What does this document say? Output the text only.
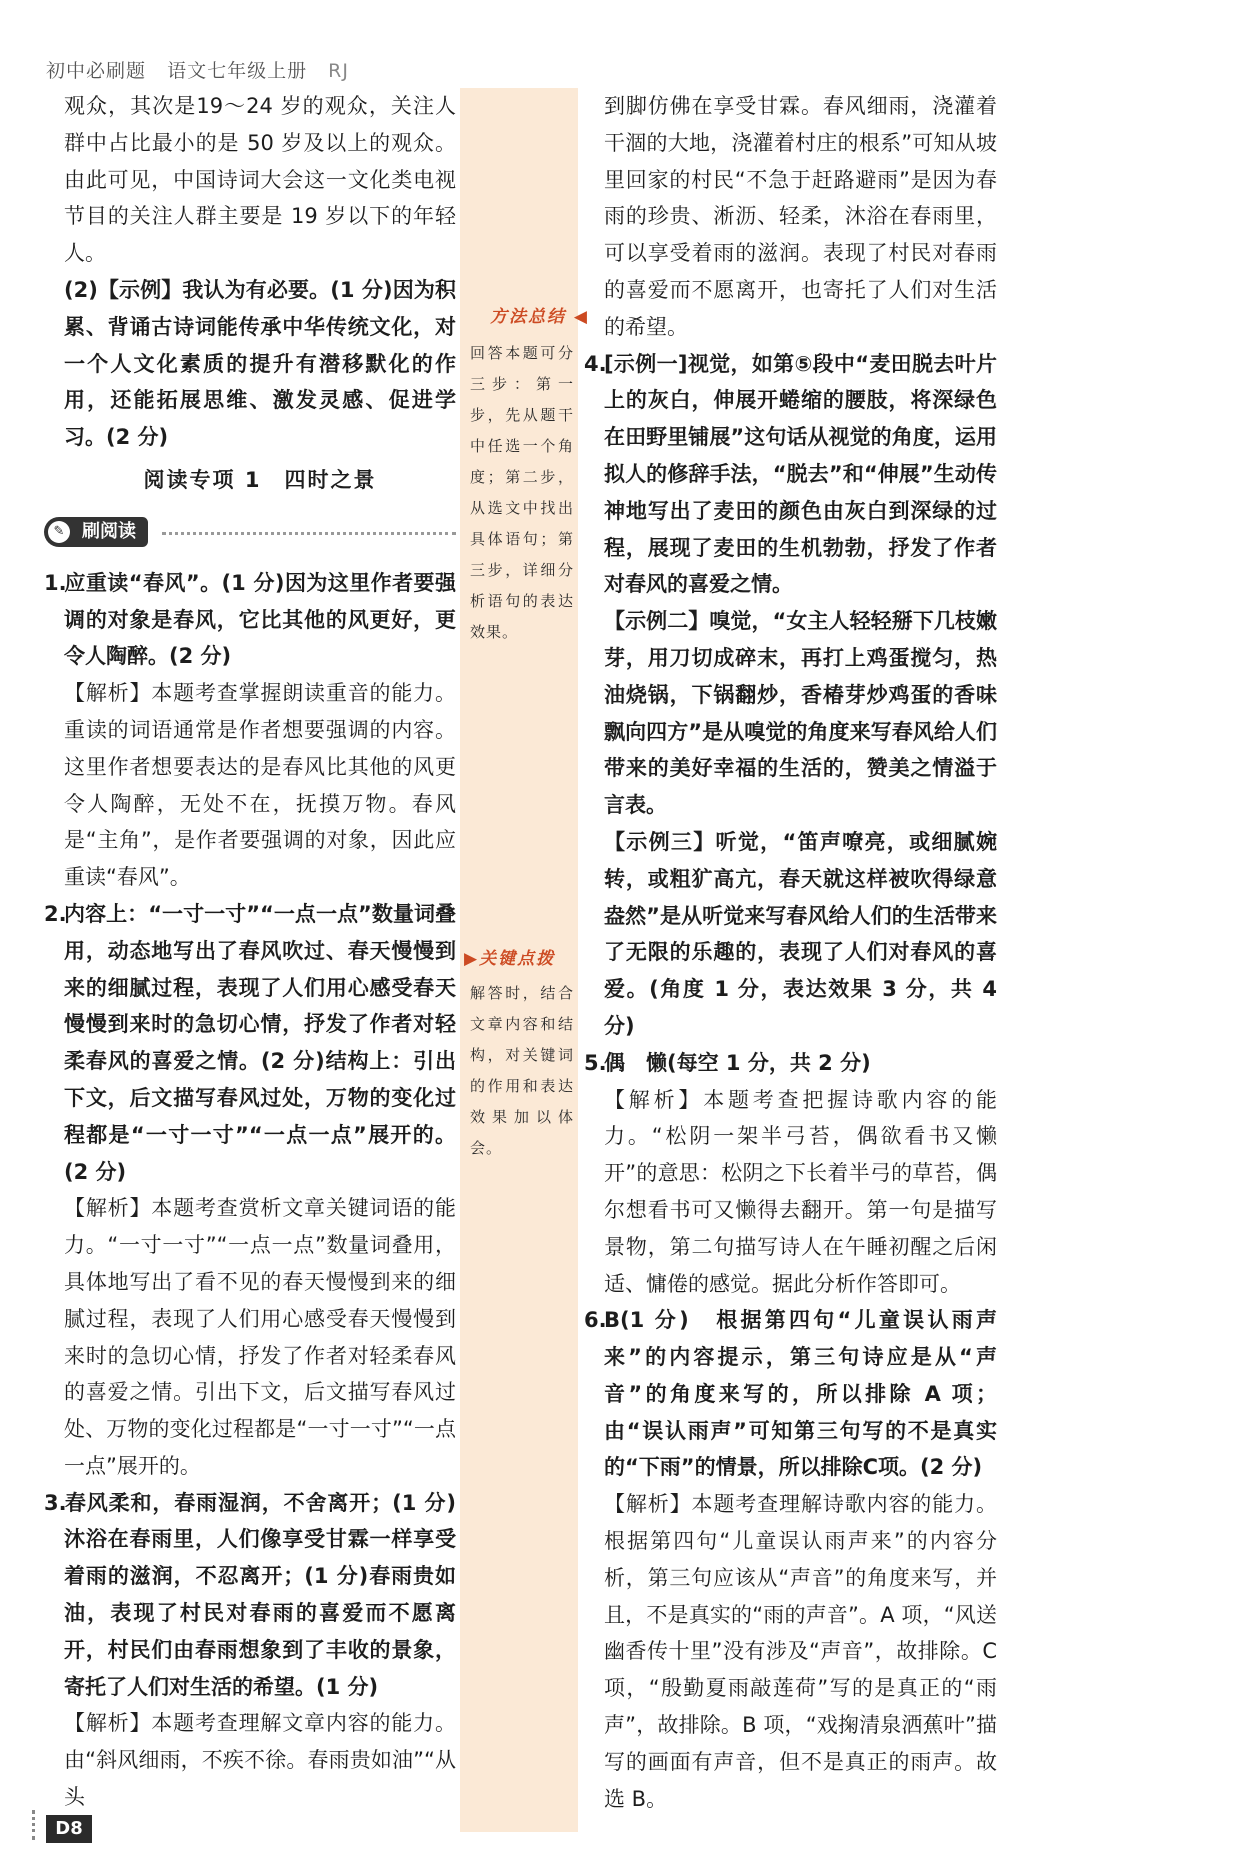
初中必刷题 语文七年级上册 RJ
方法总结 ◀
回答本题可分三步：第一步，先从题干中任选一个角度；第二步，从选文中找出具体语句；第三步，详细分析语句的表达效果。
▶关键点拨
解答时，结合文章内容和结构，对关键词的作用和表达效果加以体会。

观众，其次是19～24 岁的观众，关注人群中占比最小的是 50 岁及以上的观众。由此可见，中国诗词大会这一文化类电视节目的关注人群主要是 19 岁以下的年轻人。

(2)【示例】我认为有必要。(1 分)因为积累、背诵古诗词能传承中华传统文化，对一个人文化素质的提升有潜移默化的作用，还能拓展思维、激发灵感、促进学习。(2 分)

阅读专项 1　四时之景

✎ 刷阅读

1.应重读“春风”。(1 分)因为这里作者要强调的对象是春风，它比其他的风更好，更令人陶醉。(2 分)

【解析】本题考查掌握朗读重音的能力。重读的词语通常是作者想要强调的内容。这里作者想要表达的是春风比其他的风更令人陶醉，无处不在，抚摸万物。春风是“主角”，是作者要强调的对象，因此应重读“春风”。

2.内容上：“一寸一寸”“一点一点”数量词叠用，动态地写出了春风吹过、春天慢慢到来的细腻过程，表现了人们用心感受春天慢慢到来时的急切心情，抒发了作者对轻柔春风的喜爱之情。(2 分)结构上：引出下文，后文描写春风过处，万物的变化过程都是“一寸一寸”“一点一点”展开的。(2 分)

【解析】本题考查赏析文章关键词语的能力。“一寸一寸”“一点一点”数量词叠用，具体地写出了看不见的春天慢慢到来的细腻过程，表现了人们用心感受春天慢慢到来时的急切心情，抒发了作者对轻柔春风的喜爱之情。引出下文，后文描写春风过处、万物的变化过程都是“一寸一寸”“一点一点”展开的。

3.春风柔和，春雨湿润，不舍离开；(1 分)沐浴在春雨里，人们像享受甘霖一样享受着雨的滋润，不忍离开；(1 分)春雨贵如油，表现了村民对春雨的喜爱而不愿离开，村民们由春雨想象到了丰收的景象，寄托了人们对生活的希望。(1 分)

【解析】本题考查理解文章内容的能力。由“斜风细雨，不疾不徐。春雨贵如油”“从头

到脚仿佛在享受甘霖。春风细雨，浇灌着干涸的大地，浇灌着村庄的根系”可知从坡里回家的村民“不急于赶路避雨”是因为春雨的珍贵、淅沥、轻柔，沐浴在春雨里，可以享受着雨的滋润。表现了村民对春雨的喜爱而不愿离开，也寄托了人们对生活的希望。

4.[示例一]视觉，如第⑤段中“麦田脱去叶片上的灰白，伸展开蜷缩的腰肢，将深绿色在田野里铺展”这句话从视觉的角度，运用拟人的修辞手法，“脱去”和“伸展”生动传神地写出了麦田的颜色由灰白到深绿的过程，展现了麦田的生机勃勃，抒发了作者对春风的喜爱之情。

【示例二】嗅觉，“女主人轻轻掰下几枝嫩芽，用刀切成碎末，再打上鸡蛋搅匀，热油烧锅，下锅翻炒，香椿芽炒鸡蛋的香味飘向四方”是从嗅觉的角度来写春风给人们带来的美好幸福的生活的，赞美之情溢于言表。

【示例三】听觉，“笛声嘹亮，或细腻婉转，或粗犷高亢，春天就这样被吹得绿意盎然”是从听觉来写春风给人们的生活带来了无限的乐趣的，表现了人们对春风的喜爱。(角度 1 分，表达效果 3 分，共 4 分)

5.偶　懒(每空 1 分，共 2 分)

【解析】本题考查把握诗歌内容的能力。“松阴一架半弓苔，偶欲看书又懒开”的意思：松阴之下长着半弓的草苔，偶尔想看书可又懒得去翻开。第一句是描写景物，第二句描写诗人在午睡初醒之后闲适、慵倦的感觉。据此分析作答即可。

6.B(1 分)　根据第四句“儿童误认雨声来”的内容提示，第三句诗应是从“声音”的角度来写的，所以排除 A 项；由“误认雨声”可知第三句写的不是真实的“下雨”的情景，所以排除C项。(2 分)

【解析】本题考查理解诗歌内容的能力。根据第四句“儿童误认雨声来”的内容分析，第三句应该从“声音”的角度来写，并且，不是真实的“雨的声音”。A 项，“风送幽香传十里”没有涉及“声音”，故排除。C 项，“殷勤夏雨敲莲荷”写的是真正的“雨声”，故排除。B 项，“戏掬清泉洒蕉叶”描写的画面有声音，但不是真正的雨声。故选 B。

D8
